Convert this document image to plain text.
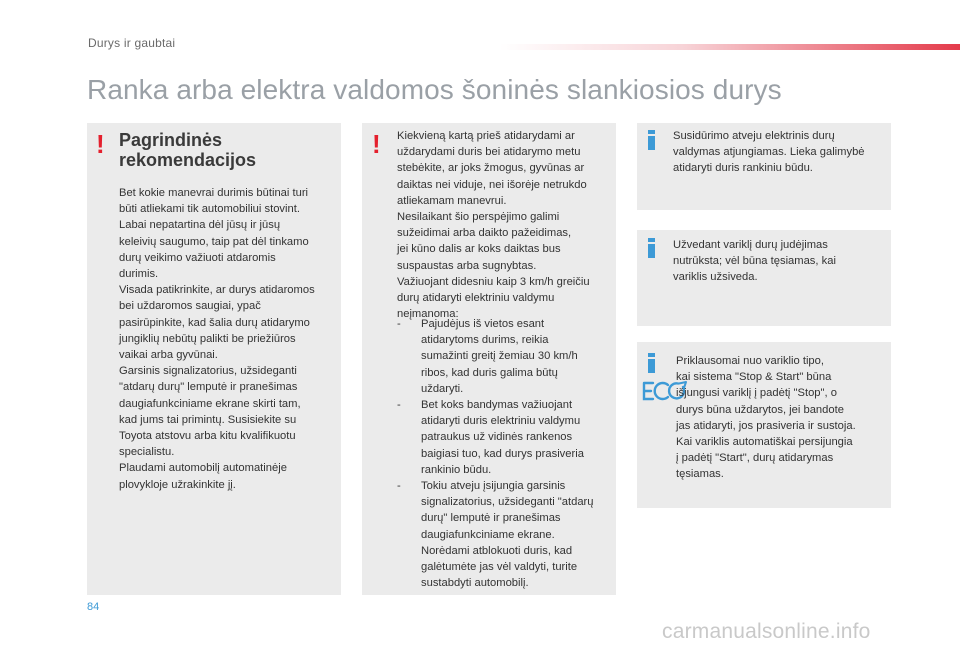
Durys ir gaubtai
Ranka arba elektra valdomos šoninės slankiosios durys
! Pagrindinės
rekomendacijos
Bet kokie manevrai durimis būtinai turi
būti atliekami tik automobiliui stovint.
Labai nepatartina dėl jūsų ir jūsų
keleivių saugumo, taip pat dėl tinkamo
durų veikimo važiuoti atdaromis
durimis.
Visada patikrinkite, ar durys atidaromos
bei uždaromos saugiai, ypač
pasirūpinkite, kad šalia durų atidarymo
jungiklių nebūtų palikti be priežiūros
vaikai arba gyvūnai.
Garsinis signalizatorius, užsideganti
"atdarų durų" lemputė ir pranešimas
daugiafunkciniame ekrane skirti tam,
kad jums tai primintų. Susisiekite su
Toyota atstovu arba kitu kvalifikuotu
specialistu.
Plaudami automobilį automatinėje
plovykloje užrakinkite jį.
! Kiekvieną kartą prieš atidarydami ar
uždarydami duris bei atidarymo metu
stebėkite, ar joks žmogus, gyvūnas ar
daiktas nei viduje, nei išorėje netrukdo
atliekamam manevrui.
Nesilaikant šio perspėjimo galimi
sužeidimai arba daikto pažeidimas,
jei kūno dalis ar koks daiktas bus
suspaustas arba sugnybtas.
Važiuojant didesniu kaip 3 km/h greičiu
durų atidaryti elektriniu valdymu
neįmanoma:
- Pajudėjus iš vietos esant
atidarytoms durims, reikia
sumažinti greitį žemiau 30 km/h
ribos, kad duris galima būtų
uždaryti.
- Bet koks bandymas važiuojant
atidaryti duris elektriniu valdymu
patraukus už vidinės rankenos
baigiasi tuo, kad durys prasiveria
rankinio būdu.
- Tokiu atveju įsijungia garsinis
signalizatorius, užsideganti "atdarų
durų" lemputė ir pranešimas
daugiafunkciniame ekrane.
Norėdami atblokuoti duris, kad
galėtumėte jas vėl valdyti, turite
sustabdyti automobilį.
Susidūrimo atveju elektrinis durų
valdymas atjungiamas. Lieka galimybė
atidaryti duris rankiniu būdu.
Užvedant variklį durų judėjimas
nutrūksta; vėl būna tęsiamas, kai
variklis užsiveda.
Priklausomai nuo variklio tipo,
kai sistema "Stop & Start" būna
išjungusi variklį į padėtį "Stop", o
durys būna uždarytos, jei bandote
jas atidaryti, jos prasiveria ir sustoja.
Kai variklis automatiškai persijungia
į padėtį "Start", durų atidarymas
tęsiamas.
84
carmanualsonline.info
